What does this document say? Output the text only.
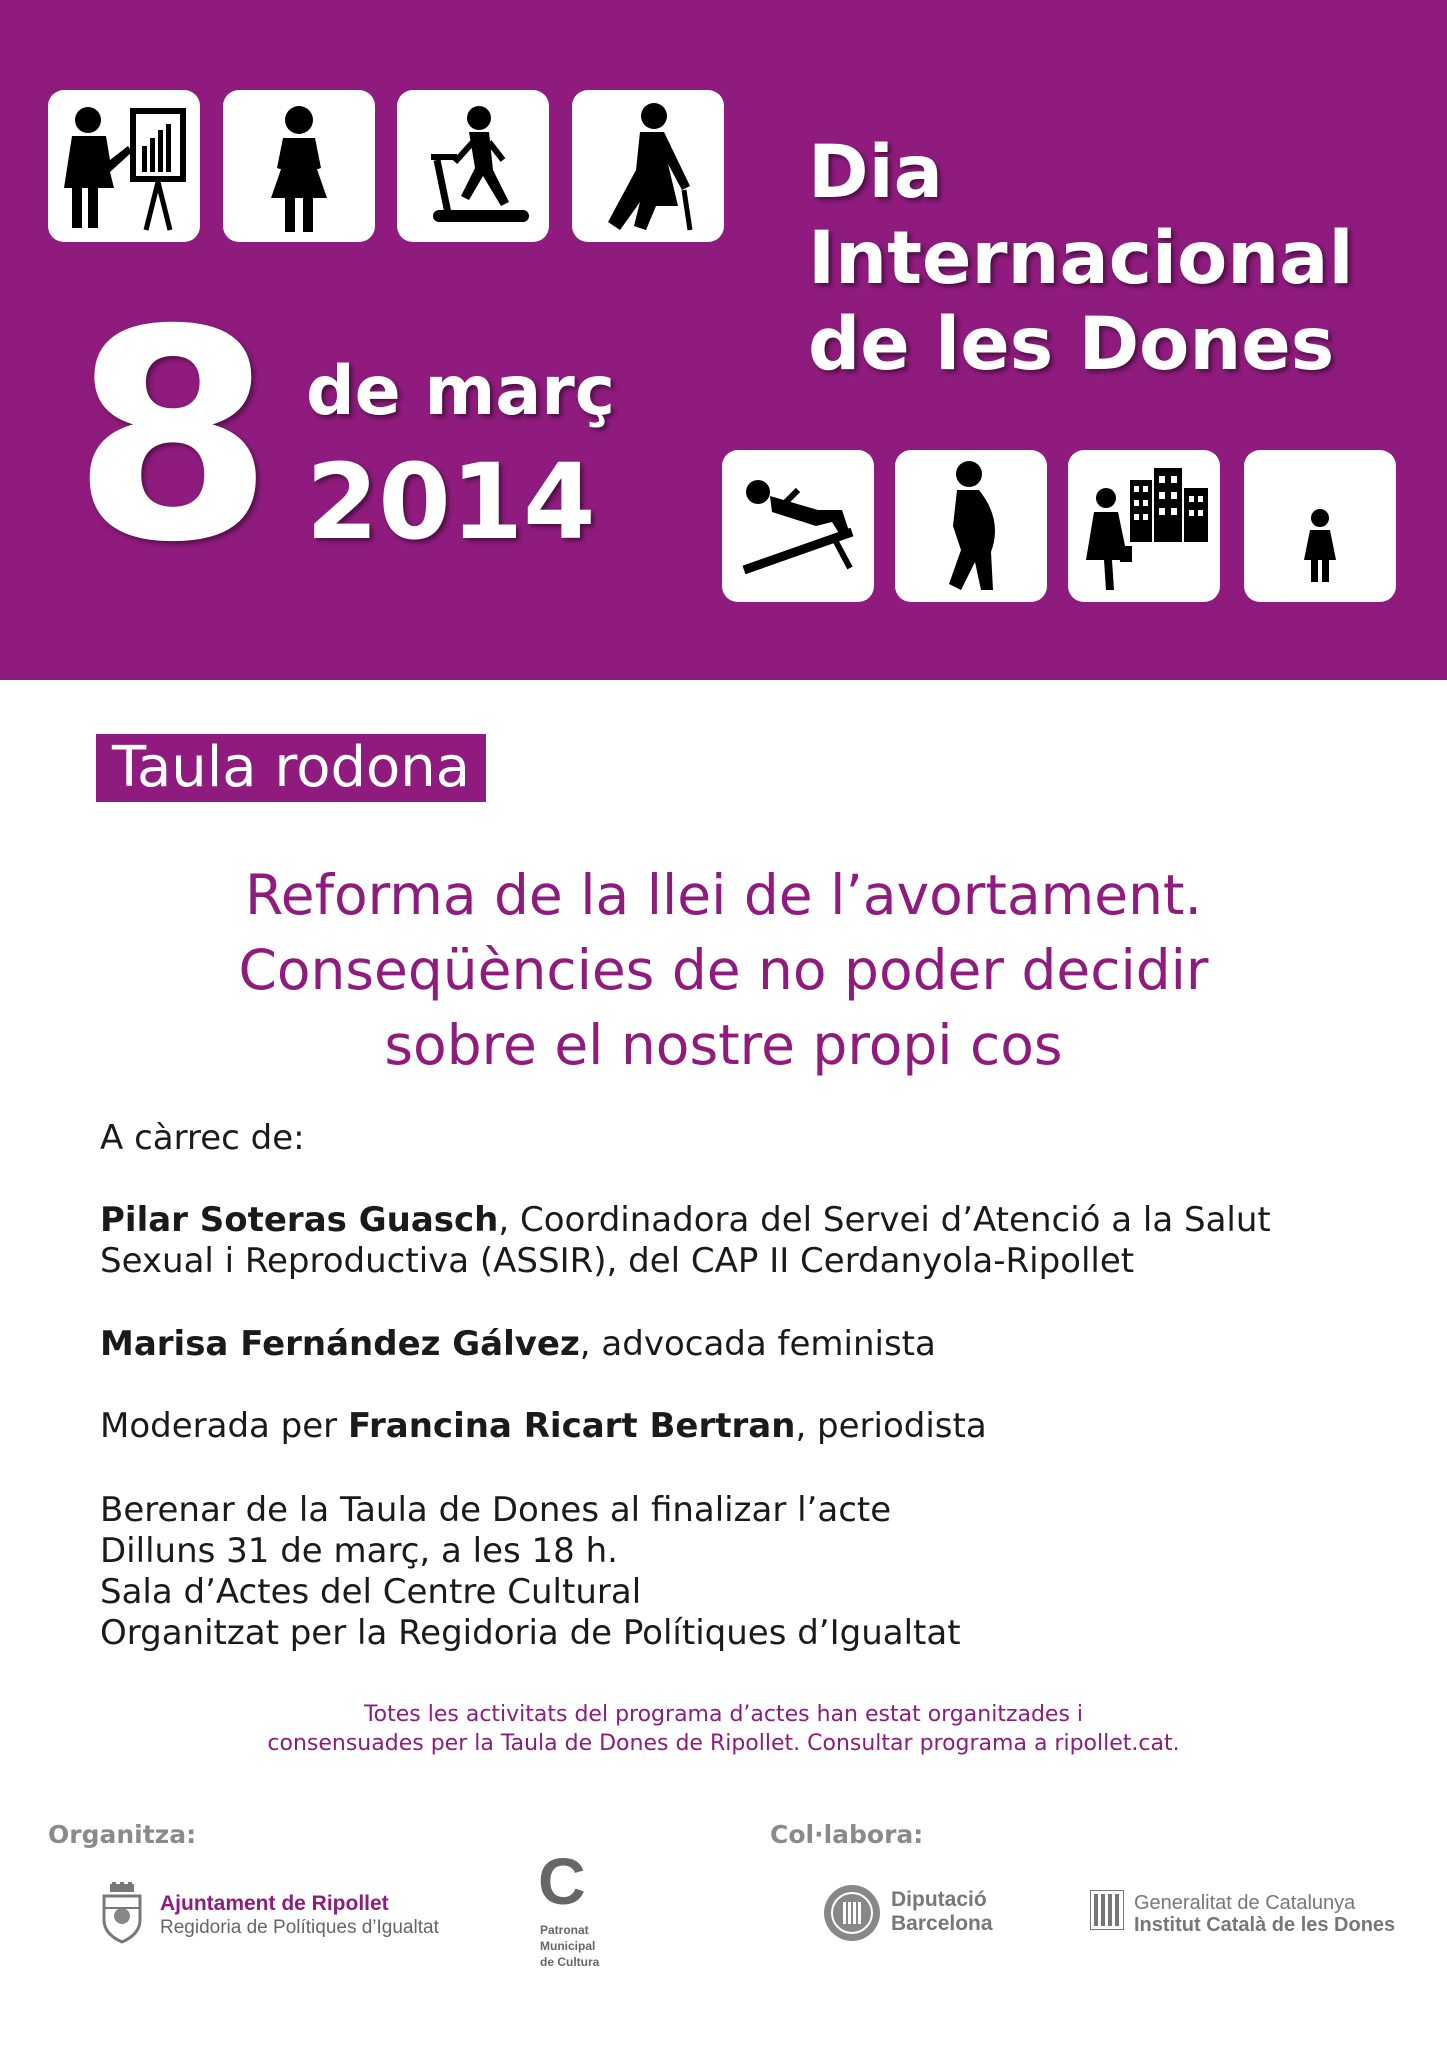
Dia
Internacional
de les Dones
8 de març
2014
Taula rodona
Reforma de la llei de l’avortament.
Conseqüències de no poder decidir
sobre el nostre propi cos
A càrrec de:
Pilar Soteras Guasch, Coordinadora del Servei d’Atenció a la Salut
Sexual i Reproductiva (ASSIR), del CAP II Cerdanyola-Ripollet
Marisa Fernández Gálvez, advocada feminista
Moderada per Francina Ricart Bertran, periodista
Berenar de la Taula de Dones al finalizar l’acte
Dilluns 31 de març, a les 18 h.
Sala d’Actes del Centre Cultural
Organitzat per la Regidoria de Polítiques d’Igualtat
Totes les activitats del programa d’actes han estat organitzades i
consensuades per la Taula de Dones de Ripollet. Consultar programa a ripollet.cat.
Organitza:	Col·labora:
Ajuntament de Ripollet
Regidoria de Polítiques d’Igualtat
C
Patronat
Municipal
de Cultura
Diputació
Barcelona
Generalitat de Catalunya
Institut Català de les Dones
